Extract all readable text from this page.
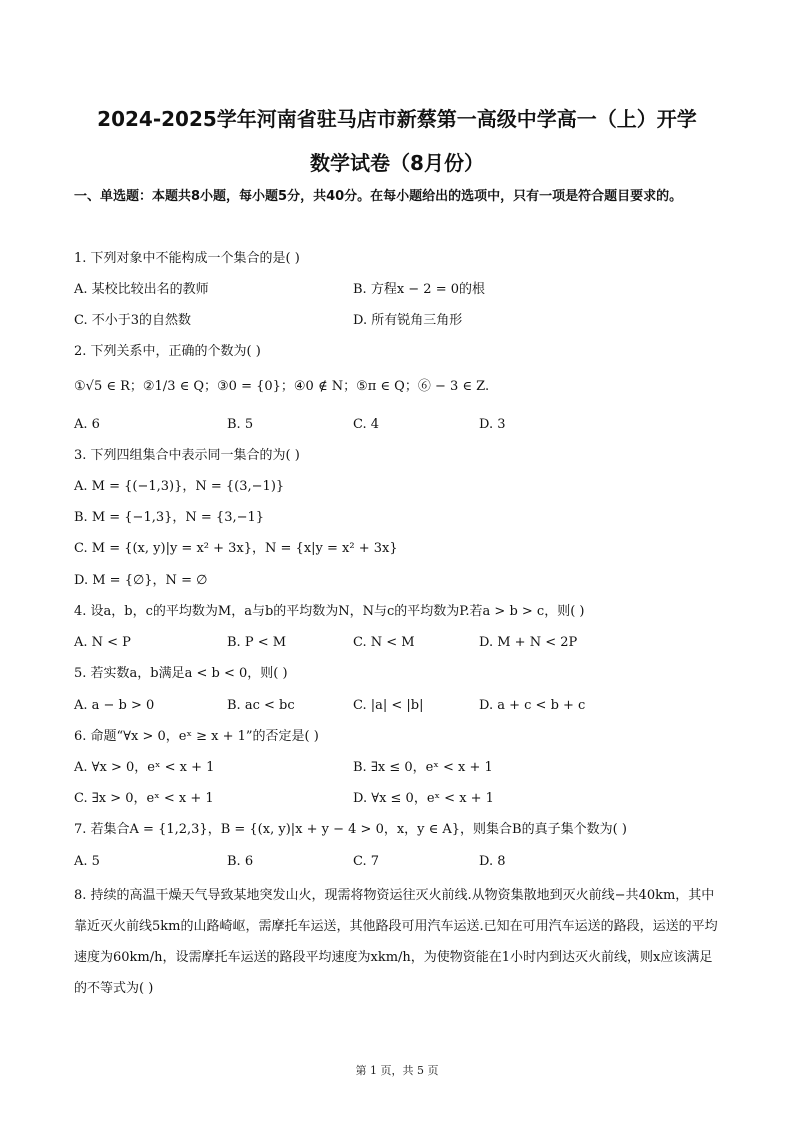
2024-2025学年河南省驻马店市新蔡第一高级中学高一（上）开学
数学试卷（8月份）
一、单选题：本题共8小题，每小题5分，共40分。在每小题给出的选项中，只有一项是符合题目要求的。
1. 下列对象中不能构成一个集合的是( )
A. 某校比较出名的教师	B. 方程x − 2 = 0的根
C. 不小于3的自然数	D. 所有锐角三角形
2. 下列关系中，正确的个数为( )
①√5 ∈ R；②1/3 ∈ Q；③0 = {0}；④0 ∉ N；⑤π ∈ Q；⑥ − 3 ∈ Z.
A. 6	B. 5	C. 4	D. 3
3. 下列四组集合中表示同一集合的为( )
A. M = {(−1,3)}，N = {(3,−1)}
B. M = {−1,3}，N = {3,−1}
C. M = {(x, y)|y = x² + 3x}，N = {x|y = x² + 3x}
D. M = {∅}，N = ∅
4. 设a，b，c的平均数为M，a与b的平均数为N，N与c的平均数为P.若a > b > c，则( )
A. N < P	B. P < M	C. N < M	D. M + N < 2P
5. 若实数a，b满足a < b < 0，则( )
A. a − b > 0	B. ac < bc	C. |a| < |b|	D. a + c < b + c
6. 命题“∀x > 0，eˣ ≥ x + 1”的否定是( )
A. ∀x > 0，eˣ < x + 1	B. ∃x ≤ 0，eˣ < x + 1
C. ∃x > 0，eˣ < x + 1	D. ∀x ≤ 0，eˣ < x + 1
7. 若集合A = {1,2,3}，B = {(x, y)|x + y − 4 > 0，x，y ∈ A}，则集合B的真子集个数为( )
A. 5	B. 6	C. 7	D. 8
8. 持续的高温干燥天气导致某地突发山火，现需将物资运往灭火前线.从物资集散地到灭火前线−共40km，其中靠近灭火前线5km的山路崎岖，需摩托车运送，其他路段可用汽车运送.已知在可用汽车运送的路段，运送的平均速度为60km/h，设需摩托车运送的路段平均速度为xkm/h，为使物资能在1小时内到达灭火前线，则x应该满足的不等式为( )
第 1 页，共 5 页
